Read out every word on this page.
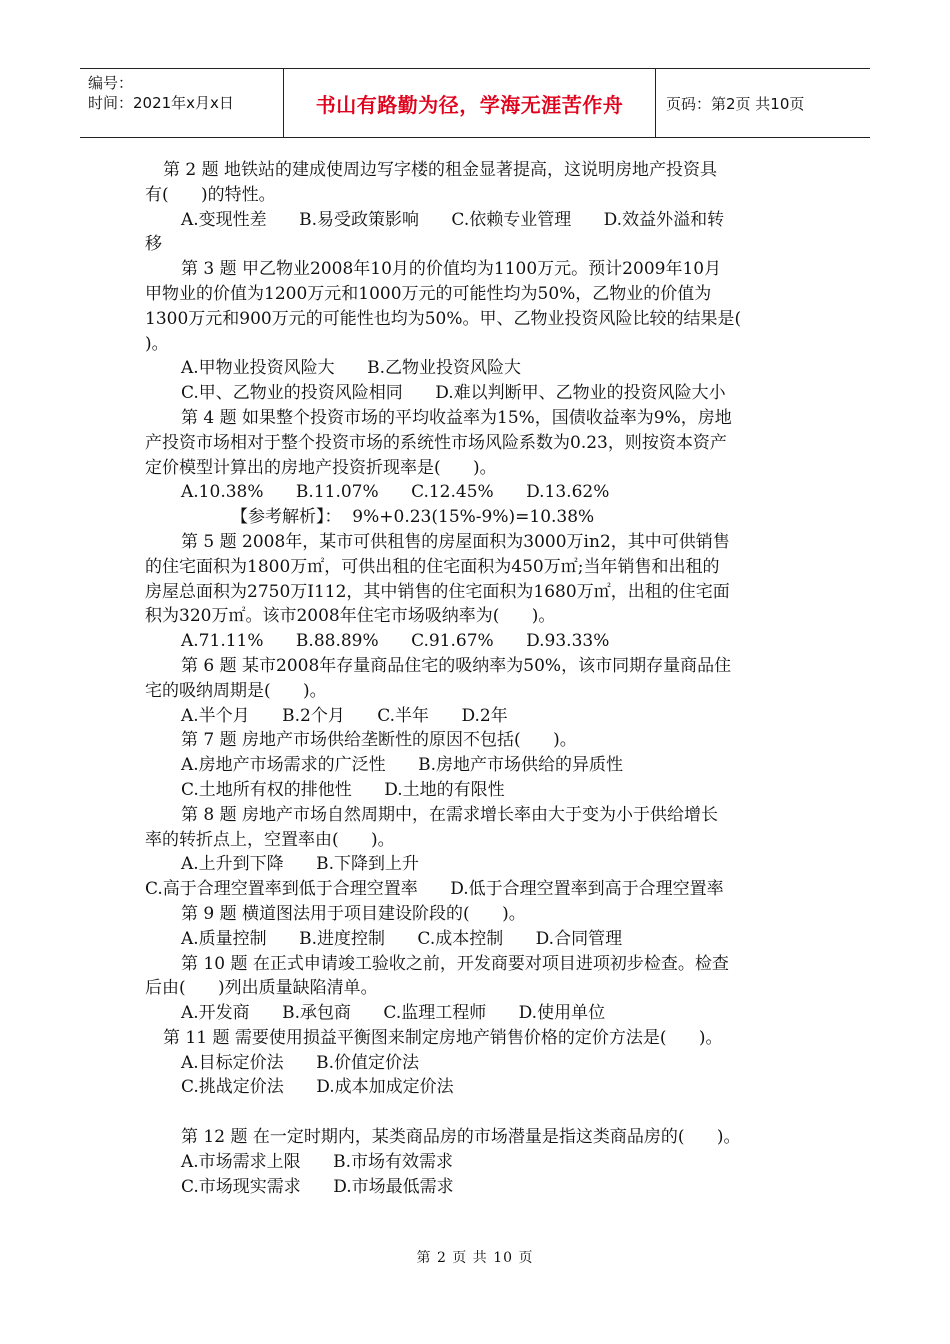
编号：
时间：2021年x月x日	书山有路勤为径，学海无涯苦作舟	页码：第2页 共10页
第 2 题 地铁站的建成使周边写字楼的租金显著提高，这说明房地产投资具
有(      )的特性。
A.变现性差      B.易受政策影响      C.依赖专业管理      D.效益外溢和转
移
第 3 题 甲乙物业2008年10月的价值均为1100万元。预计2009年10月
甲物业的价值为1200万元和1000万元的可能性均为50%，乙物业的价值为
1300万元和900万元的可能性也均为50%。甲、乙物业投资风险比较的结果是(
)。
A.甲物业投资风险大      B.乙物业投资风险大
C.甲、乙物业的投资风险相同      D.难以判断甲、乙物业的投资风险大小
第 4 题 如果整个投资市场的平均收益率为15%，国债收益率为9%，房地
产投资市场相对于整个投资市场的系统性市场风险系数为0.23，则按资本资产
定价模型计算出的房地产投资折现率是(      )。
A.10.38%      B.11.07%      C.12.45%      D.13.62%
【参考解析】：  9%+0.23(15%-9%)=10.38%
第 5 题 2008年，某市可供租售的房屋面积为3000万in2，其中可供销售
的住宅面积为1800万㎡，可供出租的住宅面积为450万㎡;当年销售和出租的
房屋总面积为2750万I112，其中销售的住宅面积为1680万㎡，出租的住宅面
积为320万㎡。该市2008年住宅市场吸纳率为(      )。
A.71.11%      B.88.89%      C.91.67%      D.93.33%
第 6 题 某市2008年存量商品住宅的吸纳率为50%，该市同期存量商品住
宅的吸纳周期是(      )。
A.半个月      B.2个月      C.半年      D.2年
第 7 题 房地产市场供给垄断性的原因不包括(      )。
A.房地产市场需求的广泛性      B.房地产市场供给的异质性
C.土地所有权的排他性      D.土地的有限性
第 8 题 房地产市场自然周期中，在需求增长率由大于变为小于供给增长
率的转折点上，空置率由(      )。
A.上升到下降      B.下降到上升
C.高于合理空置率到低于合理空置率      D.低于合理空置率到高于合理空置率
第 9 题 横道图法用于项目建设阶段的(      )。
A.质量控制      B.进度控制      C.成本控制      D.合同管理
第 10 题 在正式申请竣工验收之前，开发商要对项目进项初步检查。检查
后由(      )列出质量缺陷清单。
A.开发商      B.承包商      C.监理工程师      D.使用单位
第 11 题 需要使用损益平衡图来制定房地产销售价格的定价方法是(      )。
A.目标定价法      B.价值定价法
C.挑战定价法      D.成本加成定价法
第 12 题 在一定时期内，某类商品房的市场潜量是指这类商品房的(      )。
A.市场需求上限      B.市场有效需求
C.市场现实需求      D.市场最低需求
第 2 页 共 10 页
